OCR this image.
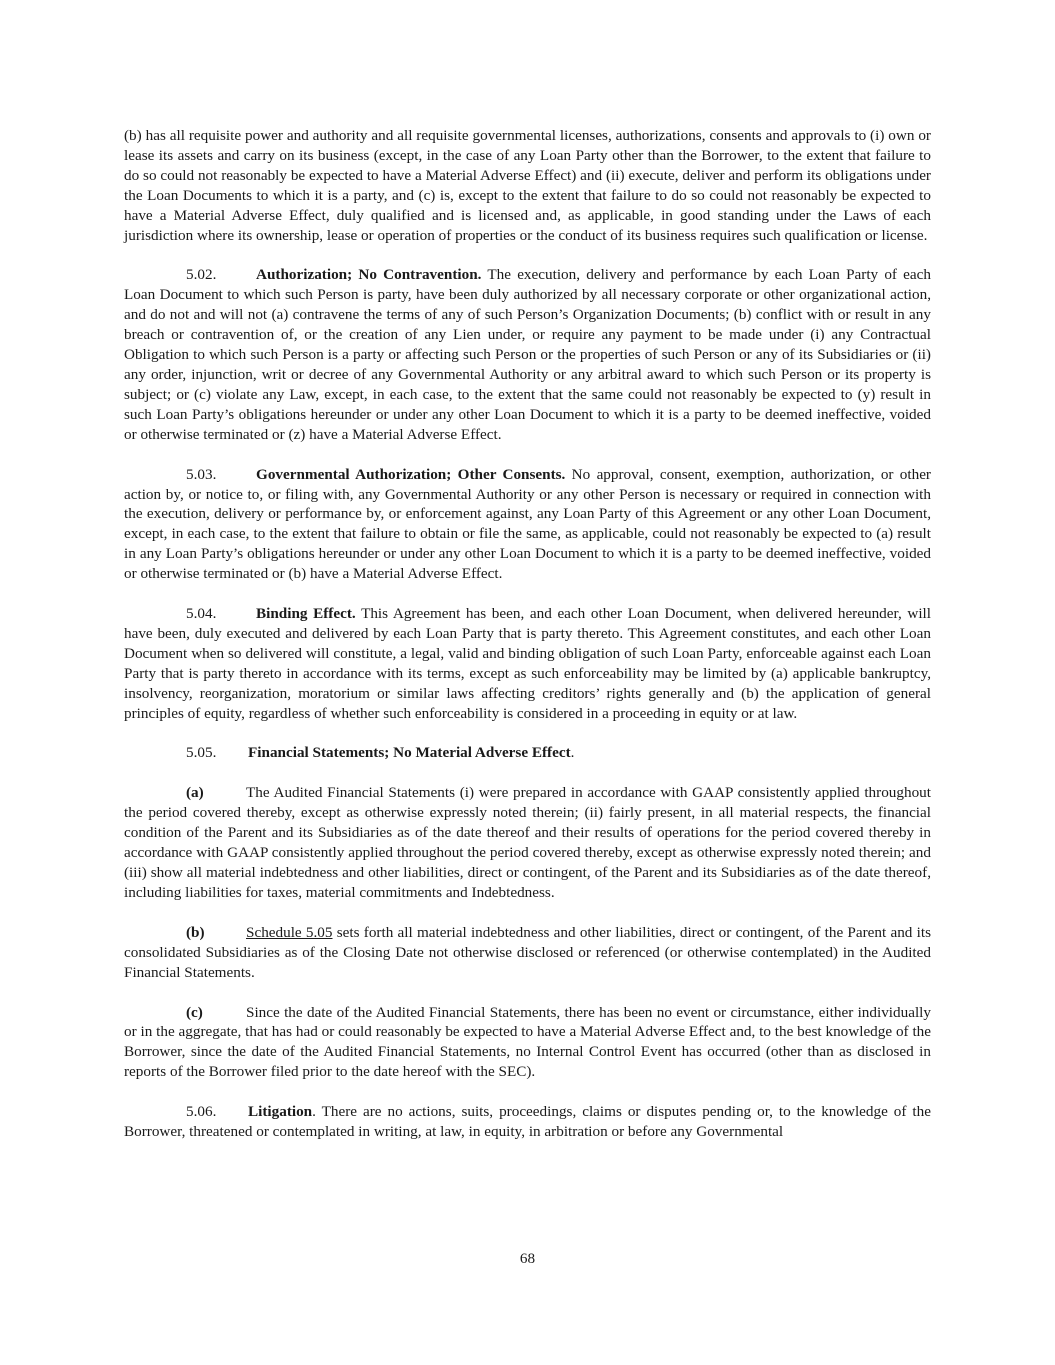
(b) has all requisite power and authority and all requisite governmental licenses, authorizations, consents and approvals to (i) own or lease its assets and carry on its business (except, in the case of any Loan Party other than the Borrower, to the extent that failure to do so could not reasonably be expected to have a Material Adverse Effect) and (ii) execute, deliver and perform its obligations under the Loan Documents to which it is a party, and (c) is, except to the extent that failure to do so could not reasonably be expected to have a Material Adverse Effect, duly qualified and is licensed and, as applicable, in good standing under the Laws of each jurisdiction where its ownership, lease or operation of properties or the conduct of its business requires such qualification or license.

5.02.	Authorization; No Contravention. The execution, delivery and performance by each Loan Party of each Loan Document to which such Person is party, have been duly authorized by all necessary corporate or other organizational action, and do not and will not (a) contravene the terms of any of such Person’s Organization Documents; (b) conflict with or result in any breach or contravention of, or the creation of any Lien under, or require any payment to be made under (i) any Contractual Obligation to which such Person is a party or affecting such Person or the properties of such Person or any of its Subsidiaries or (ii) any order, injunction, writ or decree of any Governmental Authority or any arbitral award to which such Person or its property is subject; or (c) violate any Law, except, in each case, to the extent that the same could not reasonably be expected to (y) result in such Loan Party’s obligations hereunder or under any other Loan Document to which it is a party to be deemed ineffective, voided or otherwise terminated or (z) have a Material Adverse Effect.

5.03.	Governmental Authorization; Other Consents. No approval, consent, exemption, authorization, or other action by, or notice to, or filing with, any Governmental Authority or any other Person is necessary or required in connection with the execution, delivery or performance by, or enforcement against, any Loan Party of this Agreement or any other Loan Document, except, in each case, to the extent that failure to obtain or file the same, as applicable, could not reasonably be expected to (a) result in any Loan Party’s obligations hereunder or under any other Loan Document to which it is a party to be deemed ineffective, voided or otherwise terminated or (b) have a Material Adverse Effect.

5.04.	Binding Effect. This Agreement has been, and each other Loan Document, when delivered hereunder, will have been, duly executed and delivered by each Loan Party that is party thereto. This Agreement constitutes, and each other Loan Document when so delivered will constitute, a legal, valid and binding obligation of such Loan Party, enforceable against each Loan Party that is party thereto in accordance with its terms, except as such enforceability may be limited by (a) applicable bankruptcy, insolvency, reorganization, moratorium or similar laws affecting creditors’ rights generally and (b) the application of general principles of equity, regardless of whether such enforceability is considered in a proceeding in equity or at law.

5.05. Financial Statements; No Material Adverse Effect.

(a)	The Audited Financial Statements (i) were prepared in accordance with GAAP consistently applied throughout the period covered thereby, except as otherwise expressly noted therein; (ii) fairly present, in all material respects, the financial condition of the Parent and its Subsidiaries as of the date thereof and their results of operations for the period covered thereby in accordance with GAAP consistently applied throughout the period covered thereby, except as otherwise expressly noted therein; and (iii) show all material indebtedness and other liabilities, direct or contingent, of the Parent and its Subsidiaries as of the date thereof, including liabilities for taxes, material commitments and Indebtedness.

(b)	Schedule 5.05 sets forth all material indebtedness and other liabilities, direct or contingent, of the Parent and its consolidated Subsidiaries as of the Closing Date not otherwise disclosed or referenced (or otherwise contemplated) in the Audited Financial Statements.

(c)	Since the date of the Audited Financial Statements, there has been no event or circumstance, either individually or in the aggregate, that has had or could reasonably be expected to have a Material Adverse Effect and, to the best knowledge of the Borrower, since the date of the Audited Financial Statements, no Internal Control Event has occurred (other than as disclosed in reports of the Borrower filed prior to the date hereof with the SEC).

5.06. Litigation. There are no actions, suits, proceedings, claims or disputes pending or, to the knowledge of the Borrower, threatened or contemplated in writing, at law, in equity, in arbitration or before any Governmental

68
